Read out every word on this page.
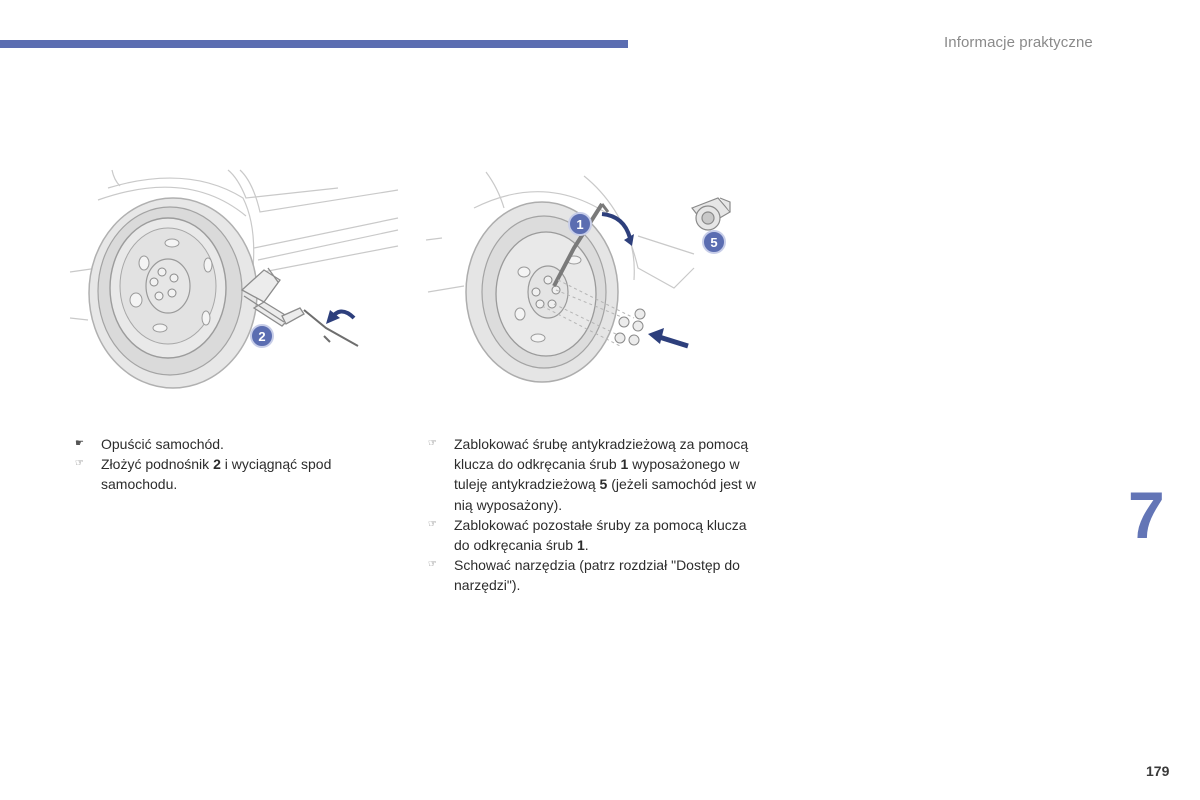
Informacje praktyczne
2
1
5
☛ Opuścić samochód.
☞ Złożyć podnośnik 2 i wyciągnąć spod samochodu.
☞ Zablokować śrubę antykradzieżową za pomocą klucza do odkręcania śrub 1 wyposażonego w tuleję antykradzieżową 5 (jeżeli samochód jest w nią wyposażony).
☞ Zablokować pozostałe śruby za pomocą klucza do odkręcania śrub 1.
☞ Schować narzędzia (patrz rozdział "Dostęp do narzędzi").
7
179
